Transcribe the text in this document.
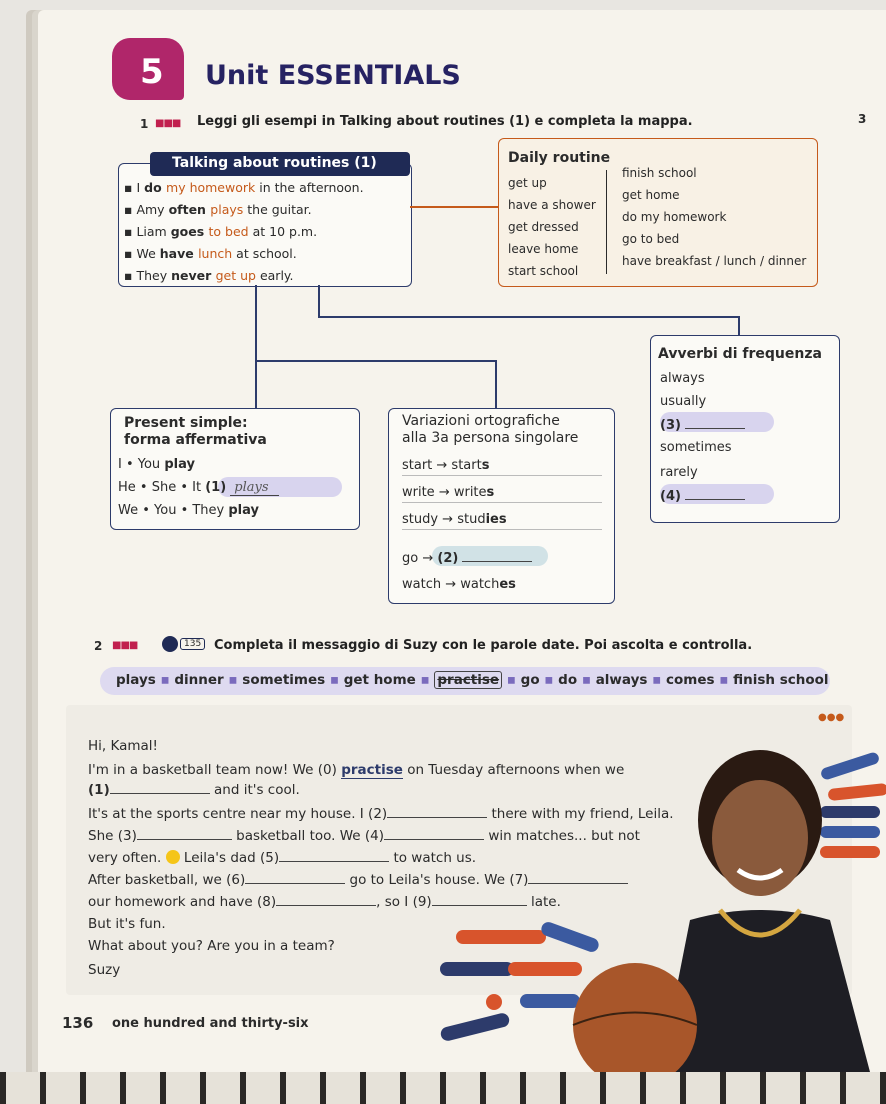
5 Unit ESSENTIALS
3
1 ■■■ Leggi gli esempi in Talking about routines (1) e completa la mappa.
Talking about routines (1)
▪ I do my homework in the afternoon.
▪ Amy often plays the guitar.
▪ Liam goes to bed at 10 p.m.
▪ We have lunch at school.
▪ They never get up early.
Daily routine
get up
have a shower
get dressed
leave home
start school
finish school
get home
do my homework
go to bed
have breakfast / lunch / dinner
Present simple:
forma affermativa
I • You play
He • She • It (1) plays
We • You • They play
Variazioni ortografiche
alla 3a persona singolare
start → starts
write → writes
study → studies
go → (2)
watch → watches
Avverbi di frequenza
always
usually
(3)
sometimes
rarely
(4)
2 ■■■	135 Completa il messaggio di Suzy con le parole date. Poi ascolta e controlla.
plays ▪ dinner ▪ sometimes ▪ get home ▪ practise ▪ go ▪ do ▪ always ▪ comes ▪ finish school
●●●
Hi, Kamal!
I'm in a basketball team now! We (0) practise on Tuesday afternoons when we
(1)	and it's cool.
It's at the sports centre near my house. I (2)	there with my friend, Leila.
She (3)	basketball too. We (4)	win matches... but not
very often.  Leila's dad (5)	to watch us.
After basketball, we (6)	go to Leila's house. We (7)
our homework and have (8)	, so I (9)	late.
But it's fun.
What about you? Are you in a team?
Suzy
136 one hundred and thirty-six
